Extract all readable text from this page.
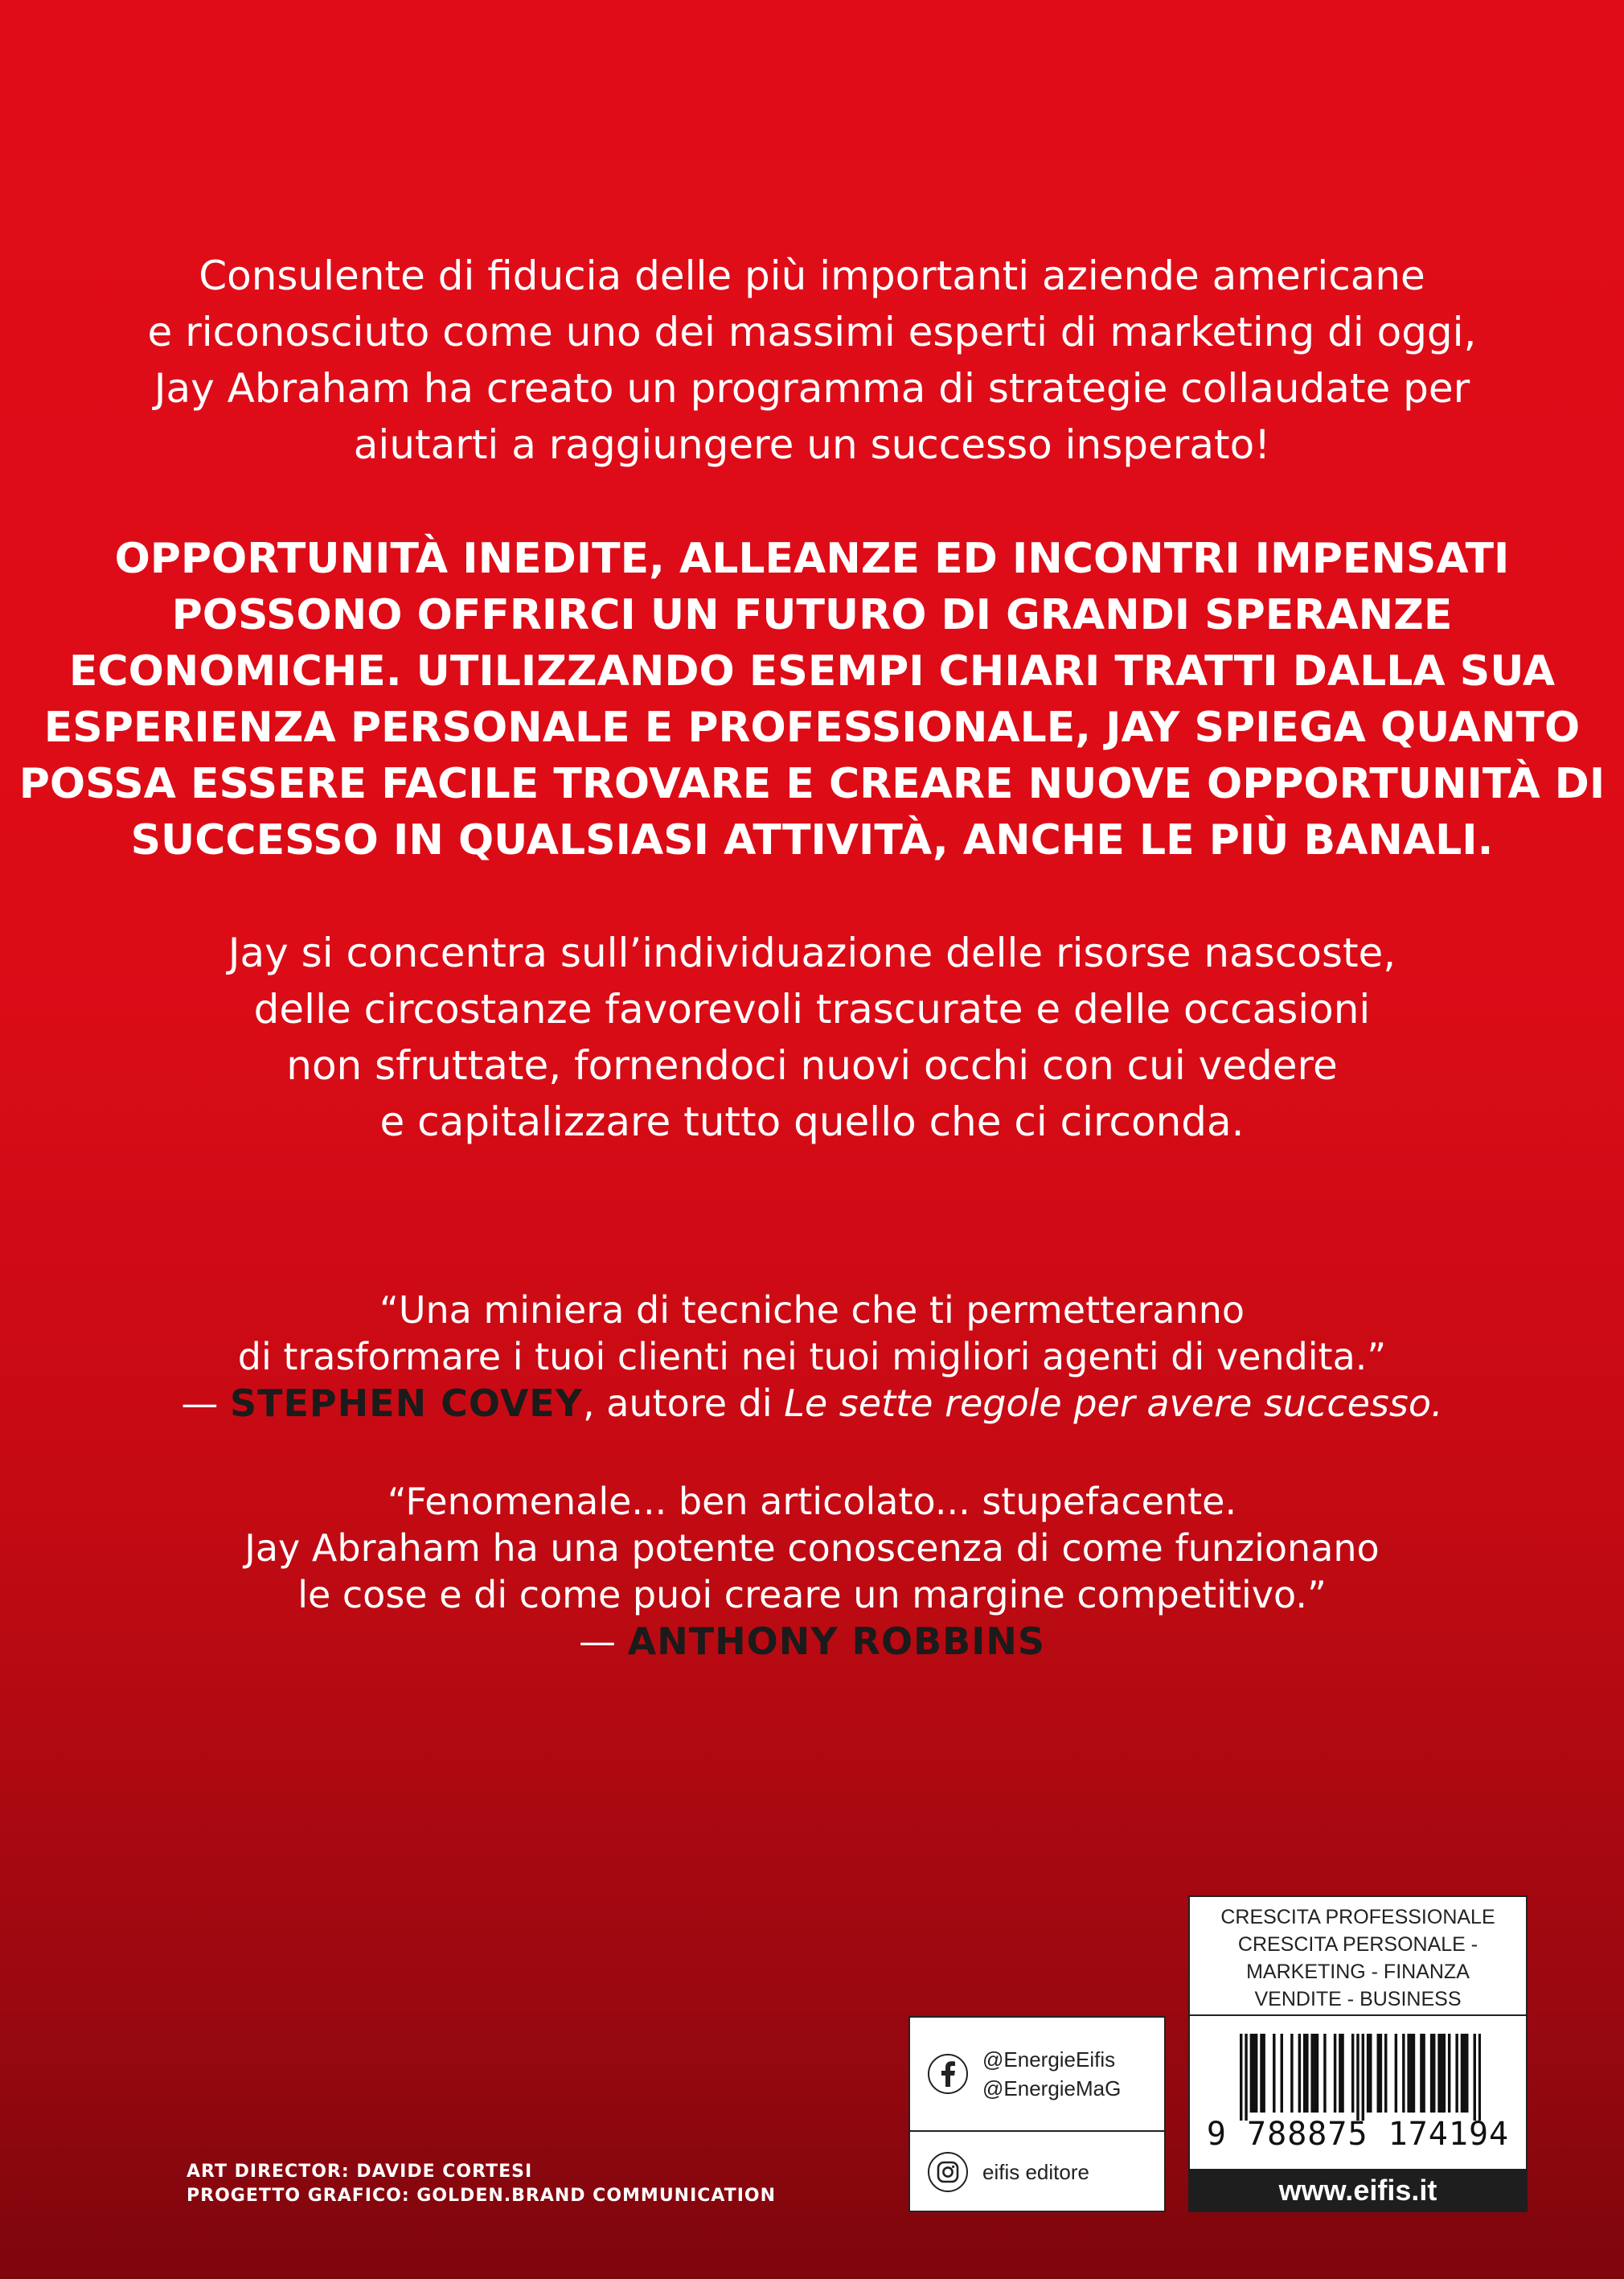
Consulente di fiducia delle più importanti aziende americane
e riconosciuto come uno dei massimi esperti di marketing di oggi,
Jay Abraham ha creato un programma di strategie collaudate per
aiutarti a raggiungere un successo insperato!

OPPORTUNITÀ INEDITE, ALLEANZE ED INCONTRI IMPENSATI
POSSONO OFFRIRCI UN FUTURO DI GRANDI SPERANZE
ECONOMICHE. UTILIZZANDO ESEMPI CHIARI TRATTI DALLA SUA
ESPERIENZA PERSONALE E PROFESSIONALE, JAY SPIEGA QUANTO
POSSA ESSERE FACILE TROVARE E CREARE NUOVE OPPORTUNITÀ DI
SUCCESSO IN QUALSIASI ATTIVITÀ, ANCHE LE PIÙ BANALI.

Jay si concentra sull’individuazione delle risorse nascoste,
delle circostanze favorevoli trascurate e delle occasioni
non sfruttate, fornendoci nuovi occhi con cui vedere
e capitalizzare tutto quello che ci circonda.

“Una miniera di tecniche che ti permetteranno
di trasformare i tuoi clienti nei tuoi migliori agenti di vendita.”
— STEPHEN COVEY, autore di Le sette regole per avere successo.
“Fenomenale... ben articolato... stupefacente.
Jay Abraham ha una potente conoscenza di come funzionano
le cose e di come puoi creare un margine competitivo.”
— ANTHONY ROBBINS
ART DIRECTOR: DAVIDE CORTESI
PROGETTO GRAFICO: GOLDEN.BRAND COMMUNICATION
@EnergieEifis
@EnergieMaG
eifis editore
CRESCITA PROFESSIONALE
CRESCITA PERSONALE -
MARKETING - FINANZA
VENDITE - BUSINESS
9 788875 174194
www.eifis.it
